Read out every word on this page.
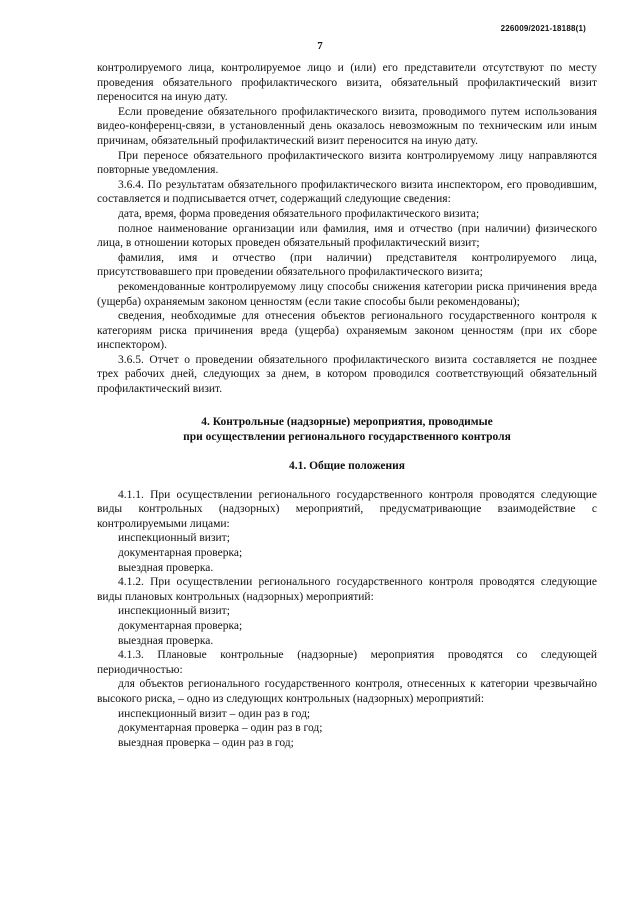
226009/2021-18188(1)
7

контролируемого лица, контролируемое лицо и (или) его представители отсутствуют по месту проведения обязательного профилактического визита, обязательный профилактический визит переносится на иную дату.

Если проведение обязательного профилактического визита, проводимого путем использования видео-конференц-связи, в установленный день оказалось невозможным по техническим или иным причинам, обязательный профилактический визит переносится на иную дату.

При переносе обязательного профилактического визита контролируемому лицу направляются повторные уведомления.

3.6.4. По результатам обязательного профилактического визита инспектором, его проводившим, составляется и подписывается отчет, содержащий следующие сведения:

дата, время, форма проведения обязательного профилактического визита;

полное наименование организации или фамилия, имя и отчество (при наличии) физического лица, в отношении которых проведен обязательный профилактический визит;

фамилия, имя и отчество (при наличии) представителя контролируемого лица, присутствовавшего при проведении обязательного профилактического визита;

рекомендованные контролируемому лицу способы снижения категории риска причинения вреда (ущерба) охраняемым законом ценностям (если такие способы были рекомендованы);

сведения, необходимые для отнесения объектов регионального государственного контроля к категориям риска причинения вреда (ущерба) охраняемым законом ценностям (при их сборе инспектором).

3.6.5. Отчет о проведении обязательного профилактического визита составляется не позднее трех рабочих дней, следующих за днем, в котором проводился соответствующий обязательный профилактический визит.

4. Контрольные (надзорные) мероприятия, проводимые

при осуществлении регионального государственного контроля

4.1. Общие положения

4.1.1. При осуществлении регионального государственного контроля проводятся следующие виды контрольных (надзорных) мероприятий, предусматривающие взаимодействие с контролируемыми лицами:

инспекционный визит;

документарная проверка;

выездная проверка.

4.1.2. При осуществлении регионального государственного контроля проводятся следующие виды плановых контрольных (надзорных) мероприятий:

инспекционный визит;

документарная проверка;

выездная проверка.

4.1.3. Плановые контрольные (надзорные) мероприятия проводятся со следующей периодичностью:

для объектов регионального государственного контроля, отнесенных к категории чрезвычайно высокого риска, – одно из следующих контрольных (надзорных) мероприятий:

инспекционный визит – один раз в год;

документарная проверка – один раз в год;

выездная проверка – один раз в год;
